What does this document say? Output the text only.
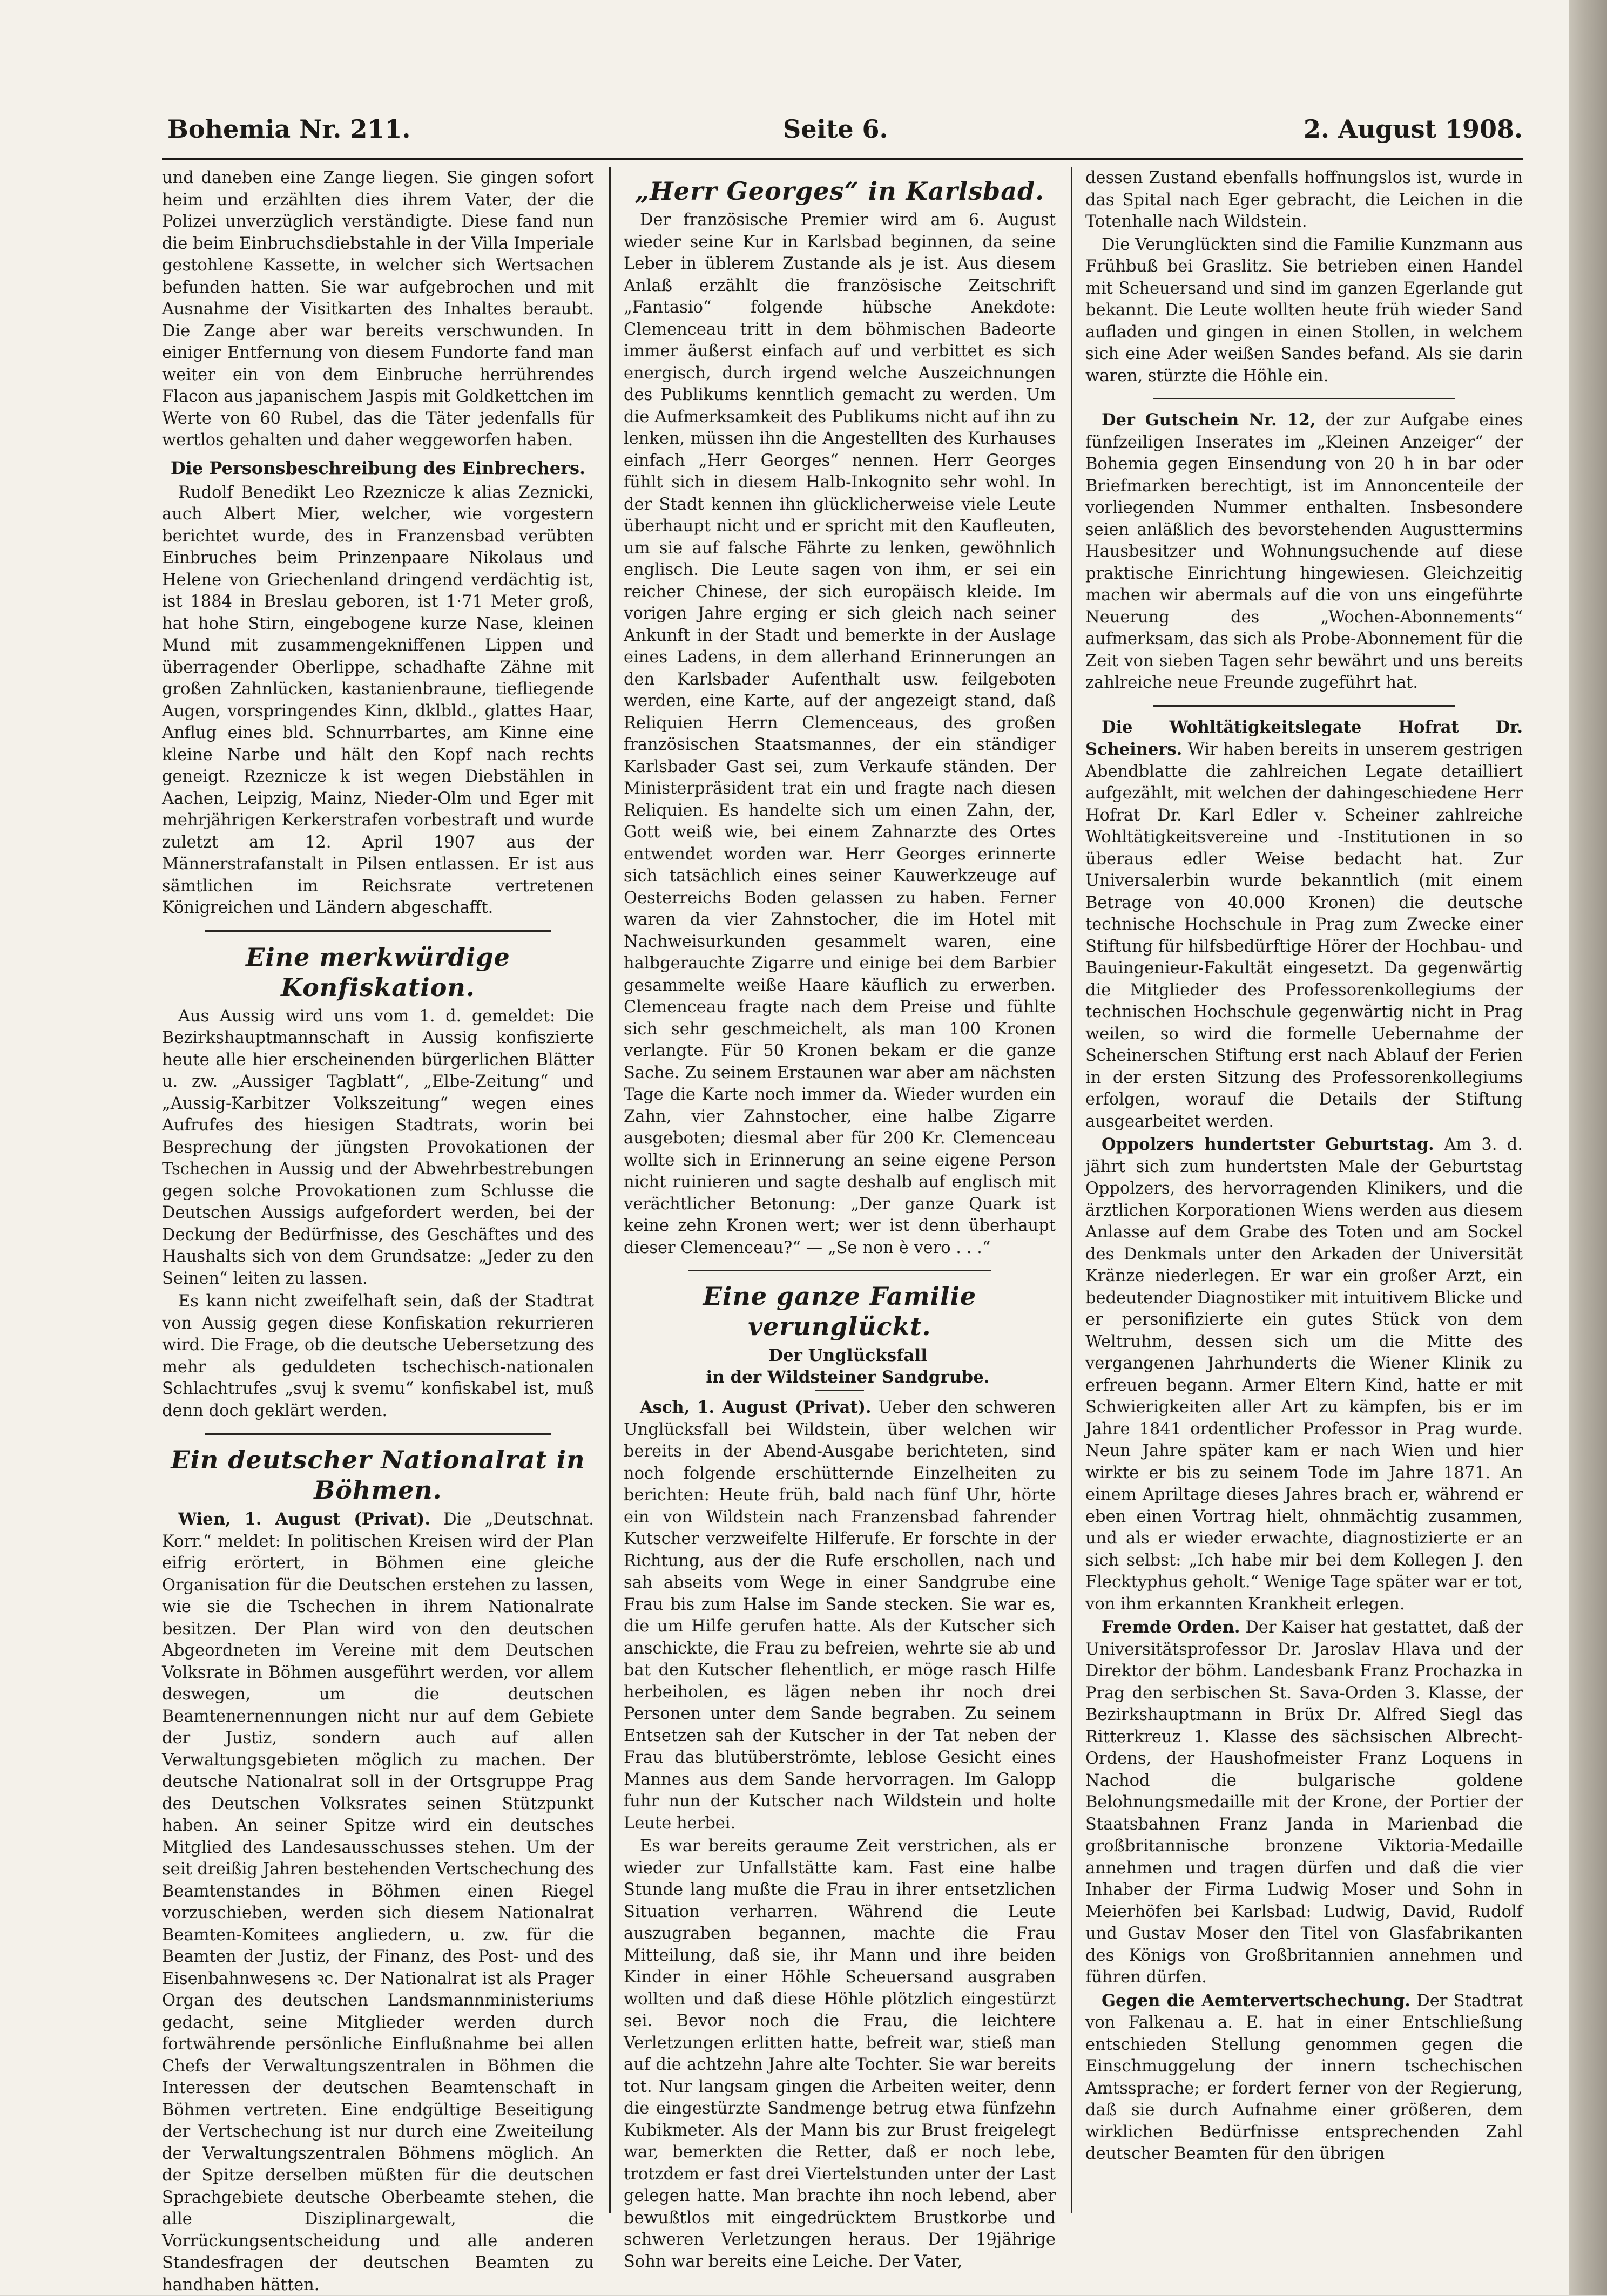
Bohemia Nr. 211.	Seite 6.	2. August 1908.

und daneben eine Zange liegen. Sie gingen sofort heim und erzählten dies ihrem Vater, der die Polizei unverzüglich verständigte. Diese fand nun die beim Einbruchsdiebstahle in der Villa Imperiale gestohlene Kassette, in welcher sich Wertsachen befunden hatten. Sie war aufgebrochen und mit Ausnahme der Visitkarten des Inhaltes beraubt. Die Zange aber war bereits verschwunden. In einiger Entfernung von diesem Fundorte fand man weiter ein von dem Einbruche herrührendes Flacon aus japanischem Jaspis mit Goldkettchen im Werte von 60 Rubel, das die Täter jedenfalls für wertlos gehalten und daher weggeworfen haben.

Die Personsbeschreibung des Einbrechers.

Rudolf Benedikt Leo Rzeznicze k alias Zeznicki, auch Albert Mier, welcher, wie vorgestern berichtet wurde, des in Franzensbad verübten Einbruches beim Prinzenpaare Nikolaus und Helene von Griechenland dringend verdächtig ist, ist 1884 in Breslau geboren, ist 1·71 Meter groß, hat hohe Stirn, eingebogene kurze Nase, kleinen Mund mit zusammengekniffenen Lippen und überragender Oberlippe, schadhafte Zähne mit großen Zahnlücken, kastanienbraune, tiefliegende Augen, vorspringendes Kinn, dklbld., glattes Haar, Anflug eines bld. Schnurrbartes, am Kinne eine kleine Narbe und hält den Kopf nach rechts geneigt. Rzeznicze k ist wegen Diebstählen in Aachen, Leipzig, Mainz, Nieder-Olm und Eger mit mehrjährigen Kerkerstrafen vorbestraft und wurde zuletzt am 12. April 1907 aus der Männerstrafanstalt in Pilsen entlassen. Er ist aus sämtlichen im Reichsrate vertretenen Königreichen und Ländern abgeschafft.

Eine merkwürdige Konfiskation.

Aus Aussig wird uns vom 1. d. gemeldet: Die Bezirkshauptmannschaft in Aussig konfiszierte heute alle hier erscheinenden bürgerlichen Blätter u. zw. „Aussiger Tagblatt“, „Elbe-Zeitung“ und „Aussig-Karbitzer Volkszeitung“ wegen eines Aufrufes des hiesigen Stadtrats, worin bei Besprechung der jüngsten Provokationen der Tschechen in Aussig und der Abwehrbestrebungen gegen solche Provokationen zum Schlusse die Deutschen Aussigs aufgefordert werden, bei der Deckung der Bedürfnisse, des Geschäftes und des Haushalts sich von dem Grundsatze: „Jeder zu den Seinen“ leiten zu lassen.

Es kann nicht zweifelhaft sein, daß der Stadtrat von Aussig gegen diese Konfiskation rekurrieren wird. Die Frage, ob die deutsche Uebersetzung des mehr als geduldeten tschechisch-nationalen Schlachtrufes „svuj k svemu“ konfiskabel ist, muß denn doch geklärt werden.

Ein deutscher Nationalrat in Böhmen.

Wien, 1. August (Privat). Die „Deutschnat. Korr.“ meldet: In politischen Kreisen wird der Plan eifrig erörtert, in Böhmen eine gleiche Organisation für die Deutschen erstehen zu lassen, wie sie die Tschechen in ihrem Nationalrate besitzen. Der Plan wird von den deutschen Abgeordneten im Vereine mit dem Deutschen Volksrate in Böhmen ausgeführt werden, vor allem deswegen, um die deutschen Beamtenernennungen nicht nur auf dem Gebiete der Justiz, sondern auch auf allen Verwaltungsgebieten möglich zu machen. Der deutsche Nationalrat soll in der Ortsgruppe Prag des Deutschen Volksrates seinen Stützpunkt haben. An seiner Spitze wird ein deutsches Mitglied des Landesausschusses stehen. Um der seit dreißig Jahren bestehenden Vertschechung des Beamtenstandes in Böhmen einen Riegel vorzuschieben, werden sich diesem Nationalrat Beamten-Komitees angliedern, u. zw. für die Beamten der Justiz, der Finanz, des Post- und des Eisenbahnwesens ꝛc. Der Nationalrat ist als Prager Organ des deutschen Landsmannministeriums gedacht, seine Mitglieder werden durch fortwährende persönliche Einflußnahme bei allen Chefs der Verwaltungszentralen in Böhmen die Interessen der deutschen Beamtenschaft in Böhmen vertreten. Eine endgültige Beseitigung der Vertschechung ist nur durch eine Zweiteilung der Verwaltungszentralen Böhmens möglich. An der Spitze derselben müßten für die deutschen Sprachgebiete deutsche Oberbeamte stehen, die alle Disziplinargewalt, die Vorrückungsentscheidung und alle anderen Standesfragen der deutschen Beamten zu handhaben hätten.

„Herr Georges“ in Karlsbad.

Der französische Premier wird am 6. August wieder seine Kur in Karlsbad beginnen, da seine Leber in üblerem Zustande als je ist. Aus diesem Anlaß erzählt die französische Zeitschrift „Fantasio“ folgende hübsche Anekdote: Clemenceau tritt in dem böhmischen Badeorte immer äußerst einfach auf und verbittet es sich energisch, durch irgend welche Auszeichnungen des Publikums kenntlich gemacht zu werden. Um die Aufmerksamkeit des Publikums nicht auf ihn zu lenken, müssen ihn die Angestellten des Kurhauses einfach „Herr Georges“ nennen. Herr Georges fühlt sich in diesem Halb-Inkognito sehr wohl. In der Stadt kennen ihn glücklicherweise viele Leute überhaupt nicht und er spricht mit den Kaufleuten, um sie auf falsche Fährte zu lenken, gewöhnlich englisch. Die Leute sagen von ihm, er sei ein reicher Chinese, der sich europäisch kleide. Im vorigen Jahre erging er sich gleich nach seiner Ankunft in der Stadt und bemerkte in der Auslage eines Ladens, in dem allerhand Erinnerungen an den Karlsbader Aufenthalt usw. feilgeboten werden, eine Karte, auf der angezeigt stand, daß Reliquien Herrn Clemenceaus, des großen französischen Staatsmannes, der ein ständiger Karlsbader Gast sei, zum Verkaufe ständen. Der Ministerpräsident trat ein und fragte nach diesen Reliquien. Es handelte sich um einen Zahn, der, Gott weiß wie, bei einem Zahnarzte des Ortes entwendet worden war. Herr Georges erinnerte sich tatsächlich eines seiner Kauwerkzeuge auf Oesterreichs Boden gelassen zu haben. Ferner waren da vier Zahnstocher, die im Hotel mit Nachweisurkunden gesammelt waren, eine halbgerauchte Zigarre und einige bei dem Barbier gesammelte weiße Haare käuflich zu erwerben. Clemenceau fragte nach dem Preise und fühlte sich sehr geschmeichelt, als man 100 Kronen verlangte. Für 50 Kronen bekam er die ganze Sache. Zu seinem Erstaunen war aber am nächsten Tage die Karte noch immer da. Wieder wurden ein Zahn, vier Zahnstocher, eine halbe Zigarre ausgeboten; diesmal aber für 200 Kr. Clemenceau wollte sich in Erinnerung an seine eigene Person nicht ruinieren und sagte deshalb auf englisch mit verächtlicher Betonung: „Der ganze Quark ist keine zehn Kronen wert; wer ist denn überhaupt dieser Clemenceau?“ — „Se non è vero . . .“

Eine ganze Familie verunglückt.

Der Unglücksfall

in der Wildsteiner Sandgrube.

Asch, 1. August (Privat). Ueber den schweren Unglücksfall bei Wildstein, über welchen wir bereits in der Abend-Ausgabe berichteten, sind noch folgende erschütternde Einzelheiten zu berichten: Heute früh, bald nach fünf Uhr, hörte ein von Wildstein nach Franzensbad fahrender Kutscher verzweifelte Hilferufe. Er forschte in der Richtung, aus der die Rufe erschollen, nach und sah abseits vom Wege in einer Sandgrube eine Frau bis zum Halse im Sande stecken. Sie war es, die um Hilfe gerufen hatte. Als der Kutscher sich anschickte, die Frau zu befreien, wehrte sie ab und bat den Kutscher flehentlich, er möge rasch Hilfe herbeiholen, es lägen neben ihr noch drei Personen unter dem Sande begraben. Zu seinem Entsetzen sah der Kutscher in der Tat neben der Frau das blutüberströmte, leblose Gesicht eines Mannes aus dem Sande hervorragen. Im Galopp fuhr nun der Kutscher nach Wildstein und holte Leute herbei.

Es war bereits geraume Zeit verstrichen, als er wieder zur Unfallstätte kam. Fast eine halbe Stunde lang mußte die Frau in ihrer entsetzlichen Situation verharren. Während die Leute auszugraben begannen, machte die Frau Mitteilung, daß sie, ihr Mann und ihre beiden Kinder in einer Höhle Scheuersand ausgraben wollten und daß diese Höhle plötzlich eingestürzt sei. Bevor noch die Frau, die leichtere Verletzungen erlitten hatte, befreit war, stieß man auf die achtzehn Jahre alte Tochter. Sie war bereits tot. Nur langsam gingen die Arbeiten weiter, denn die eingestürzte Sandmenge betrug etwa fünfzehn Kubikmeter. Als der Mann bis zur Brust freigelegt war, bemerkten die Retter, daß er noch lebe, trotzdem er fast drei Viertelstunden unter der Last gelegen hatte. Man brachte ihn noch lebend, aber bewußtlos mit eingedrücktem Brustkorbe und schweren Verletzungen heraus. Der 19jährige Sohn war bereits eine Leiche. Der Vater,

dessen Zustand ebenfalls hoffnungslos ist, wurde in das Spital nach Eger gebracht, die Leichen in die Totenhalle nach Wildstein.

Die Verunglückten sind die Familie Kunzmann aus Frühbuß bei Graslitz. Sie betrieben einen Handel mit Scheuersand und sind im ganzen Egerlande gut bekannt. Die Leute wollten heute früh wieder Sand aufladen und gingen in einen Stollen, in welchem sich eine Ader weißen Sandes befand. Als sie darin waren, stürzte die Höhle ein.

Der Gutschein Nr. 12, der zur Aufgabe eines fünfzeiligen Inserates im „Kleinen Anzeiger“ der Bohemia gegen Einsendung von 20 h in bar oder Briefmarken berechtigt, ist im Annoncenteile der vorliegenden Nummer enthalten. Insbesondere seien anläßlich des bevorstehenden Augusttermins Hausbesitzer und Wohnungsuchende auf diese praktische Einrichtung hingewiesen. Gleichzeitig machen wir abermals auf die von uns eingeführte Neuerung des „Wochen-Abonnements“ aufmerksam, das sich als Probe-Abonnement für die Zeit von sieben Tagen sehr bewährt und uns bereits zahlreiche neue Freunde zugeführt hat.

Die Wohltätigkeitslegate Hofrat Dr. Scheiners. Wir haben bereits in unserem gestrigen Abendblatte die zahlreichen Legate detailliert aufgezählt, mit welchen der dahingeschiedene Herr Hofrat Dr. Karl Edler v. Scheiner zahlreiche Wohltätigkeitsvereine und -Institutionen in so überaus edler Weise bedacht hat. Zur Universalerbin wurde bekanntlich (mit einem Betrage von 40.000 Kronen) die deutsche technische Hochschule in Prag zum Zwecke einer Stiftung für hilfsbedürftige Hörer der Hochbau- und Bauingenieur-Fakultät eingesetzt. Da gegenwärtig die Mitglieder des Professorenkollegiums der technischen Hochschule gegenwärtig nicht in Prag weilen, so wird die formelle Uebernahme der Scheinerschen Stiftung erst nach Ablauf der Ferien in der ersten Sitzung des Professorenkollegiums erfolgen, worauf die Details der Stiftung ausgearbeitet werden.

Oppolzers hundertster Geburtstag. Am 3. d. jährt sich zum hundertsten Male der Geburtstag Oppolzers, des hervorragenden Klinikers, und die ärztlichen Korporationen Wiens werden aus diesem Anlasse auf dem Grabe des Toten und am Sockel des Denkmals unter den Arkaden der Universität Kränze niederlegen. Er war ein großer Arzt, ein bedeutender Diagnostiker mit intuitivem Blicke und er personifizierte ein gutes Stück von dem Weltruhm, dessen sich um die Mitte des vergangenen Jahrhunderts die Wiener Klinik zu erfreuen begann. Armer Eltern Kind, hatte er mit Schwierigkeiten aller Art zu kämpfen, bis er im Jahre 1841 ordentlicher Professor in Prag wurde. Neun Jahre später kam er nach Wien und hier wirkte er bis zu seinem Tode im Jahre 1871. An einem Apriltage dieses Jahres brach er, während er eben einen Vortrag hielt, ohnmächtig zusammen, und als er wieder erwachte, diagnostizierte er an sich selbst: „Ich habe mir bei dem Kollegen J. den Flecktyphus geholt.“ Wenige Tage später war er tot, von ihm erkannten Krankheit erlegen.

Fremde Orden. Der Kaiser hat gestattet, daß der Universitätsprofessor Dr. Jaroslav Hlava und der Direktor der böhm. Landesbank Franz Prochazka in Prag den serbischen St. Sava-Orden 3. Klasse, der Bezirkshauptmann in Brüx Dr. Alfred Siegl das Ritterkreuz 1. Klasse des sächsischen Albrecht-Ordens, der Haushofmeister Franz Loquens in Nachod die bulgarische goldene Belohnungsmedaille mit der Krone, der Portier der Staatsbahnen Franz Janda in Marienbad die großbritannische bronzene Viktoria-Medaille annehmen und tragen dürfen und daß die vier Inhaber der Firma Ludwig Moser und Sohn in Meierhöfen bei Karlsbad: Ludwig, David, Rudolf und Gustav Moser den Titel von Glasfabrikanten des Königs von Großbritannien annehmen und führen dürfen.

Gegen die Aemtervertschechung. Der Stadtrat von Falkenau a. E. hat in einer Entschließung entschieden Stellung genommen gegen die Einschmuggelung der innern tschechischen Amtssprache; er fordert ferner von der Regierung, daß sie durch Aufnahme einer größeren, dem wirklichen Bedürfnisse entsprechenden Zahl deutscher Beamten für den übrigen
